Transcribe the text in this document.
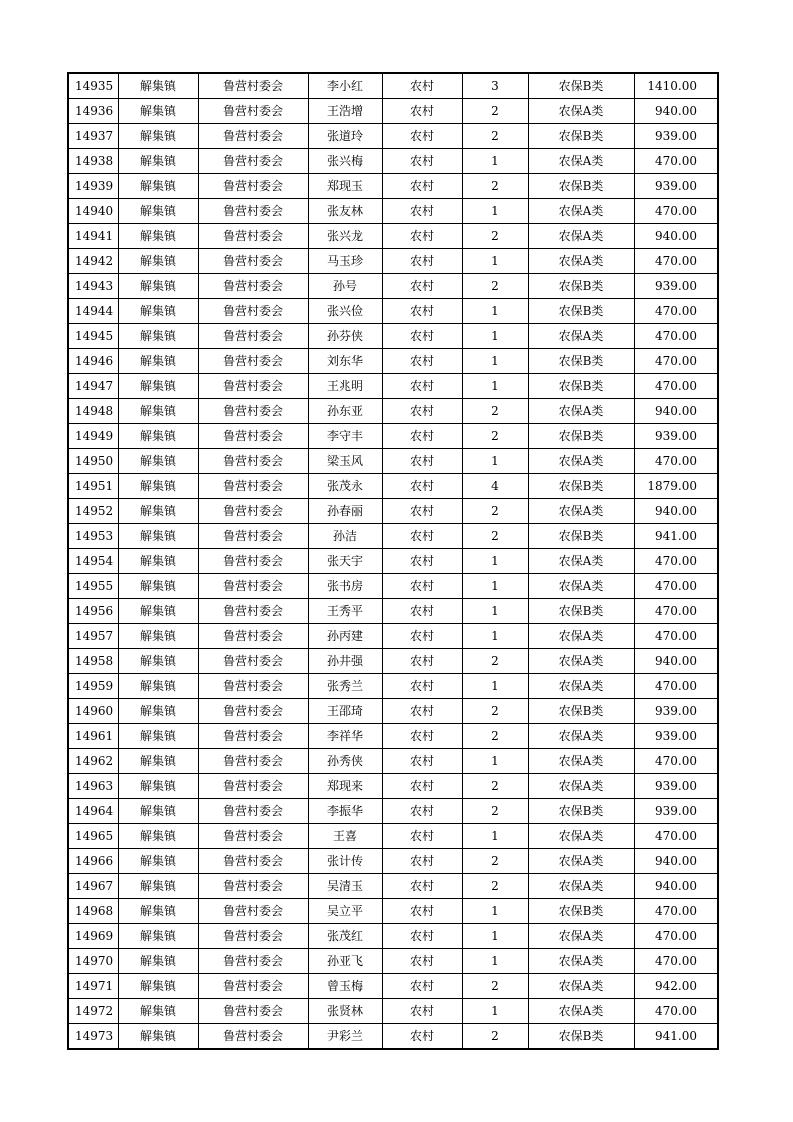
14935	解集镇	鲁营村委会	李小红	农村	3	农保B类	1410.00
14936	解集镇	鲁营村委会	王浩增	农村	2	农保A类	940.00
14937	解集镇	鲁营村委会	张道玲	农村	2	农保B类	939.00
14938	解集镇	鲁营村委会	张兴梅	农村	1	农保A类	470.00
14939	解集镇	鲁营村委会	郑现玉	农村	2	农保B类	939.00
14940	解集镇	鲁营村委会	张友林	农村	1	农保A类	470.00
14941	解集镇	鲁营村委会	张兴龙	农村	2	农保A类	940.00
14942	解集镇	鲁营村委会	马玉珍	农村	1	农保A类	470.00
14943	解集镇	鲁营村委会	孙号	农村	2	农保B类	939.00
14944	解集镇	鲁营村委会	张兴俭	农村	1	农保B类	470.00
14945	解集镇	鲁营村委会	孙芬侠	农村	1	农保A类	470.00
14946	解集镇	鲁营村委会	刘东华	农村	1	农保B类	470.00
14947	解集镇	鲁营村委会	王兆明	农村	1	农保B类	470.00
14948	解集镇	鲁营村委会	孙东亚	农村	2	农保A类	940.00
14949	解集镇	鲁营村委会	李守丰	农村	2	农保B类	939.00
14950	解集镇	鲁营村委会	梁玉风	农村	1	农保A类	470.00
14951	解集镇	鲁营村委会	张茂永	农村	4	农保B类	1879.00
14952	解集镇	鲁营村委会	孙春丽	农村	2	农保A类	940.00
14953	解集镇	鲁营村委会	孙洁	农村	2	农保B类	941.00
14954	解集镇	鲁营村委会	张天宇	农村	1	农保A类	470.00
14955	解集镇	鲁营村委会	张书房	农村	1	农保A类	470.00
14956	解集镇	鲁营村委会	王秀平	农村	1	农保B类	470.00
14957	解集镇	鲁营村委会	孙丙建	农村	1	农保A类	470.00
14958	解集镇	鲁营村委会	孙井强	农村	2	农保A类	940.00
14959	解集镇	鲁营村委会	张秀兰	农村	1	农保A类	470.00
14960	解集镇	鲁营村委会	王邵琦	农村	2	农保B类	939.00
14961	解集镇	鲁营村委会	李祥华	农村	2	农保A类	939.00
14962	解集镇	鲁营村委会	孙秀侠	农村	1	农保A类	470.00
14963	解集镇	鲁营村委会	郑现来	农村	2	农保A类	939.00
14964	解集镇	鲁营村委会	李振华	农村	2	农保B类	939.00
14965	解集镇	鲁营村委会	王喜	农村	1	农保A类	470.00
14966	解集镇	鲁营村委会	张计传	农村	2	农保A类	940.00
14967	解集镇	鲁营村委会	吴清玉	农村	2	农保A类	940.00
14968	解集镇	鲁营村委会	吴立平	农村	1	农保B类	470.00
14969	解集镇	鲁营村委会	张茂红	农村	1	农保A类	470.00
14970	解集镇	鲁营村委会	孙亚飞	农村	1	农保A类	470.00
14971	解集镇	鲁营村委会	曾玉梅	农村	2	农保A类	942.00
14972	解集镇	鲁营村委会	张贤林	农村	1	农保A类	470.00
14973	解集镇	鲁营村委会	尹彩兰	农村	2	农保B类	941.00
